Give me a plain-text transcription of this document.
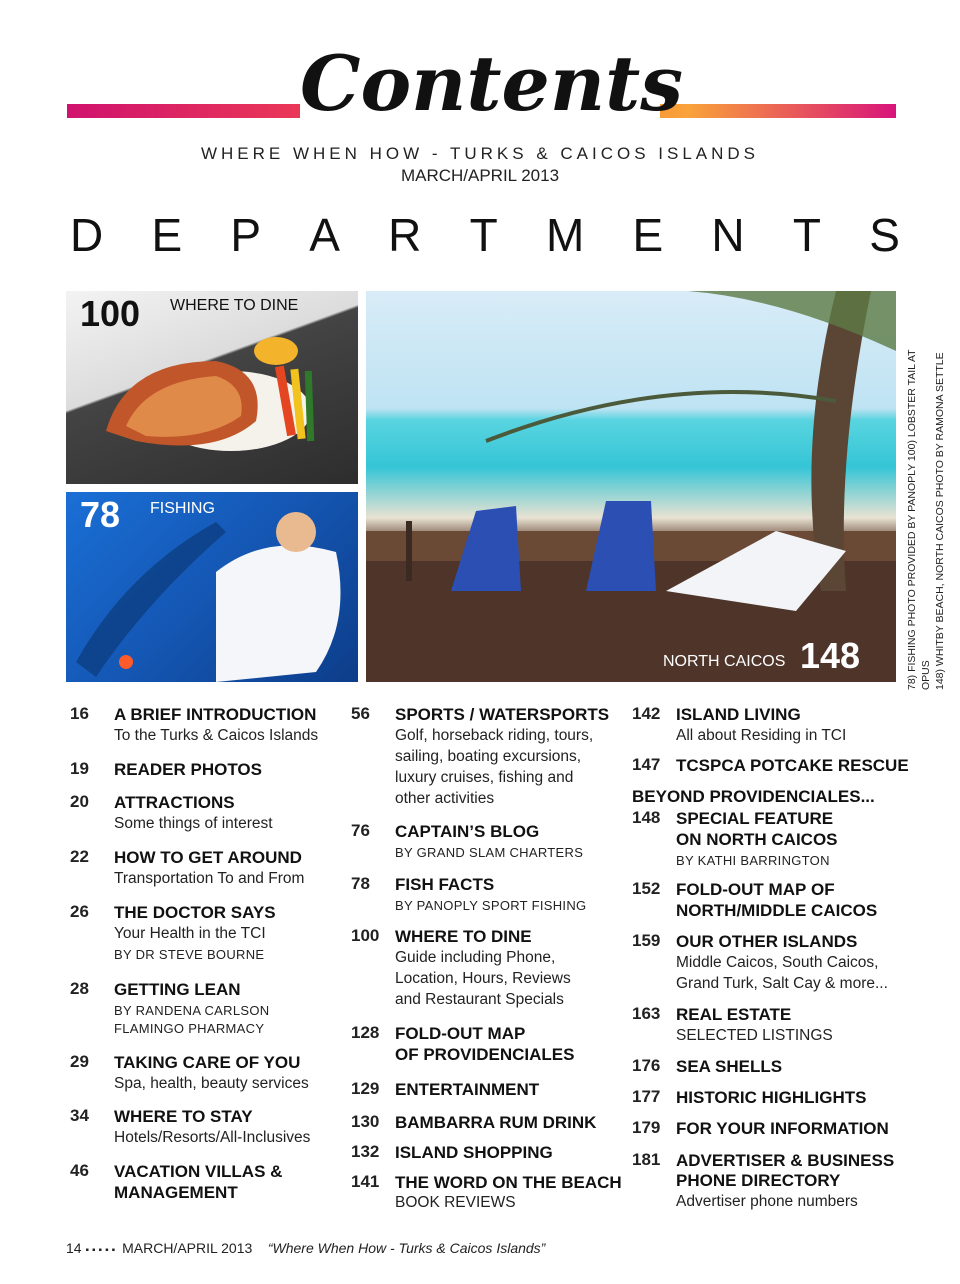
Contents
WHERE WHEN HOW - TURKS & CAICOS ISLANDS
MARCH/APRIL 2013
D E P A R T M E N T S
100 WHERE TO DINE
78 FISHING
NORTH CAICOS 148	78) FISHING PHOTO PROVIDED BY PANOPLY 100) LOBSTER TAIL AT OPUS 148) WHITBY BEACH, NORTH CAICOS PHOTO BY RAMONA SETTLE
16 A BRIEF INTRODUCTION
To the Turks & Caicos Islands
19 READER PHOTOS
20 ATTRACTIONS
Some things of interest
22 HOW TO GET AROUND
Transportation To and From
26 THE DOCTOR SAYS
Your Health in the TCI
BY DR STEVE BOURNE
28 GETTING LEAN
BY RANDENA CARLSON
FLAMINGO PHARMACY
29 TAKING CARE OF YOU
Spa, health, beauty services
34 WHERE TO STAY
Hotels/Resorts/All-Inclusives
46 VACATION VILLAS &
MANAGEMENT
56 SPORTS / WATERSPORTS
Golf, horseback riding, tours,
sailing, boating excursions,
luxury cruises, fishing and
other activities
76 CAPTAIN’S BLOG
BY GRAND SLAM CHARTERS
78 FISH FACTS
BY PANOPLY SPORT FISHING
100 WHERE TO DINE
Guide including Phone,
Location, Hours, Reviews
and Restaurant Specials
128 FOLD-OUT MAP
OF PROVIDENCIALES
129 ENTERTAINMENT
130 BAMBARRA RUM DRINK
132 ISLAND SHOPPING
141 THE WORD ON THE BEACH
BOOK REVIEWS
142 ISLAND LIVING
All about Residing in TCI
147 TCSPCA POTCAKE RESCUE
BEYOND PROVIDENCIALES...
148 SPECIAL FEATURE
ON NORTH CAICOS
BY KATHI BARRINGTON
152 FOLD-OUT MAP OF
NORTH/MIDDLE CAICOS
159 OUR OTHER ISLANDS
Middle Caicos, South Caicos,
Grand Turk, Salt Cay & more...
163 REAL ESTATE
SELECTED LISTINGS
176 SEA SHELLS
177 HISTORIC HIGHLIGHTS
179 FOR YOUR INFORMATION
181 ADVERTISER & BUSINESS
PHONE DIRECTORY
Advertiser phone numbers
14 ▪▪▪▪▪ MARCH/APRIL 2013 “Where When How - Turks & Caicos Islands”
